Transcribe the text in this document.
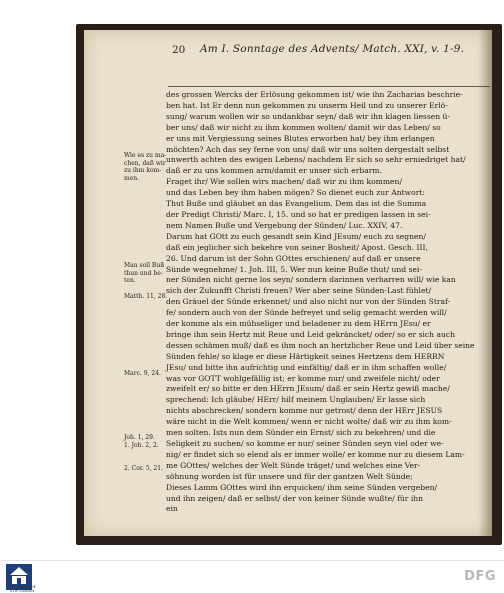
20 Am I. Sonntage des Advents/ Match. XXI, v. 1-9.
des grossen Wercks der Erlösung gekommen ist/ wie ihn Zacharias beschrie-
ben hat. Ist Er denn nun gekommen zu unserm Heil und zu unserer Erlö-
sung/ warum wollen wir so undankbar seyn/ daß wir ihn klagen liessen ü-
ber uns/ daß wir nicht zu ihm kommen wolten/ damit wir das Leben/ so
er uns mit Vergiessung seines Blutes erworben hat/ bey ihm erlangen
möchten? Ach das sey ferne von uns/ daß wir uns solten dergestalt selbst
unwerth achten des ewigen Lebens/ nachdem Er sich so sehr erniedriget hat/
daß er zu uns kommen arm/damit er unser sich erbarm.
Fraget ihr/ Wie sollen wirs machen/ daß wir zu ihm kommen/
und das Leben bey ihm haben mögen? So dienet euch zur Antwort:
Thut Buße und gläubet an das Evangelium. Dem das ist die Summa
der Predigt Christi/ Marc. I, 15. und so hat er predigen lassen in sei-
nem Namen Buße und Vergebung der Sünden/ Luc. XXIV, 47.
Darum hat GOtt zu euch gesandt sein Kind JEsum/ euch zu segnen/
daß ein jeglicher sich bekehre von seiner Bosheit/ Apost. Gesch. III,
26. Und darum ist der Sohn GOttes erschienen/ auf daß er unsere
Sünde wegnehme/ 1. Joh. III, 5. Wer nun keine Buße thut/ und sei-
ner Sünden nicht gerne los seyn/ sondern darinnen verharren will/ wie kan
sich der Zukunfft Christi freuen? Wer aber seine Sünden-Last fühlet/
den Gräuel der Sünde erkennet/ und also nicht nur von der Sünden Straf-
fe/ sondern auch von der Sünde befreyet und selig gemacht werden will/
der komme als ein mühseliger und beladener zu dem HErrn JEsu/ er
bringe ihm sein Hertz mit Reue und Leid gekräncket/ oder/ so er sich auch
dessen schämen muß/ daß es ihm noch an hertzlicher Reue und Leid über seine
Sünden fehle/ so klage er diese Härtigkeit seines Hertzens dem HERRN
JEsu/ und bitte ihn aufrichtig und einfältig/ daß er in ihm schaffen wolle/
was vor GOTT wohlgefällig ist; er komme nur/ und zweifele nicht/ oder
zweifelt er/ so bitte er den HErrn JEsum/ daß er sein Hertz gewiß mache/
sprechend: Ich gläube/ HErr/ hilf meinem Unglauben/ Er lasse sich
nichts abschrecken/ sondern komme nur getrost/ denn der HErr JESUS
wäre nicht in die Welt kommen/ wenn er nicht wolte/ daß wir zu ihm kom-
men solten. Ists nun dem Sünder ein Ernst/ sich zu bekehren/ und die
Seligkeit zu suchen/ so komme er nur/ seiner Sünden seyn viel oder we-
nig/ er findet sich so elend als er immer wolle/ er komme nur zu diesem Lam-
me GOttes/ welches der Welt Sünde träget/ und welches eine Ver-
söhnung worden ist für unsere und für der gantzen Welt Sünde;
Dieses Lamm GOttes wird ihn erquicken/ ihm seine Sünden vergeben/
und ihn zeigen/ daß er selbst/ der von keiner Sünde wußte/ für ihn
ein
Wie es zu ma-
chen, daß wir
zu ihm kom-
men.
Man soll Buß
thun und be-
ten.
Matth. 11, 28.
Marc. 9, 24.
Joh. 1, 29.
1. Joh. 2, 2.
2. Cor. 5, 21.
FRANCKESCHE
STIFTUNGEN
DFG
